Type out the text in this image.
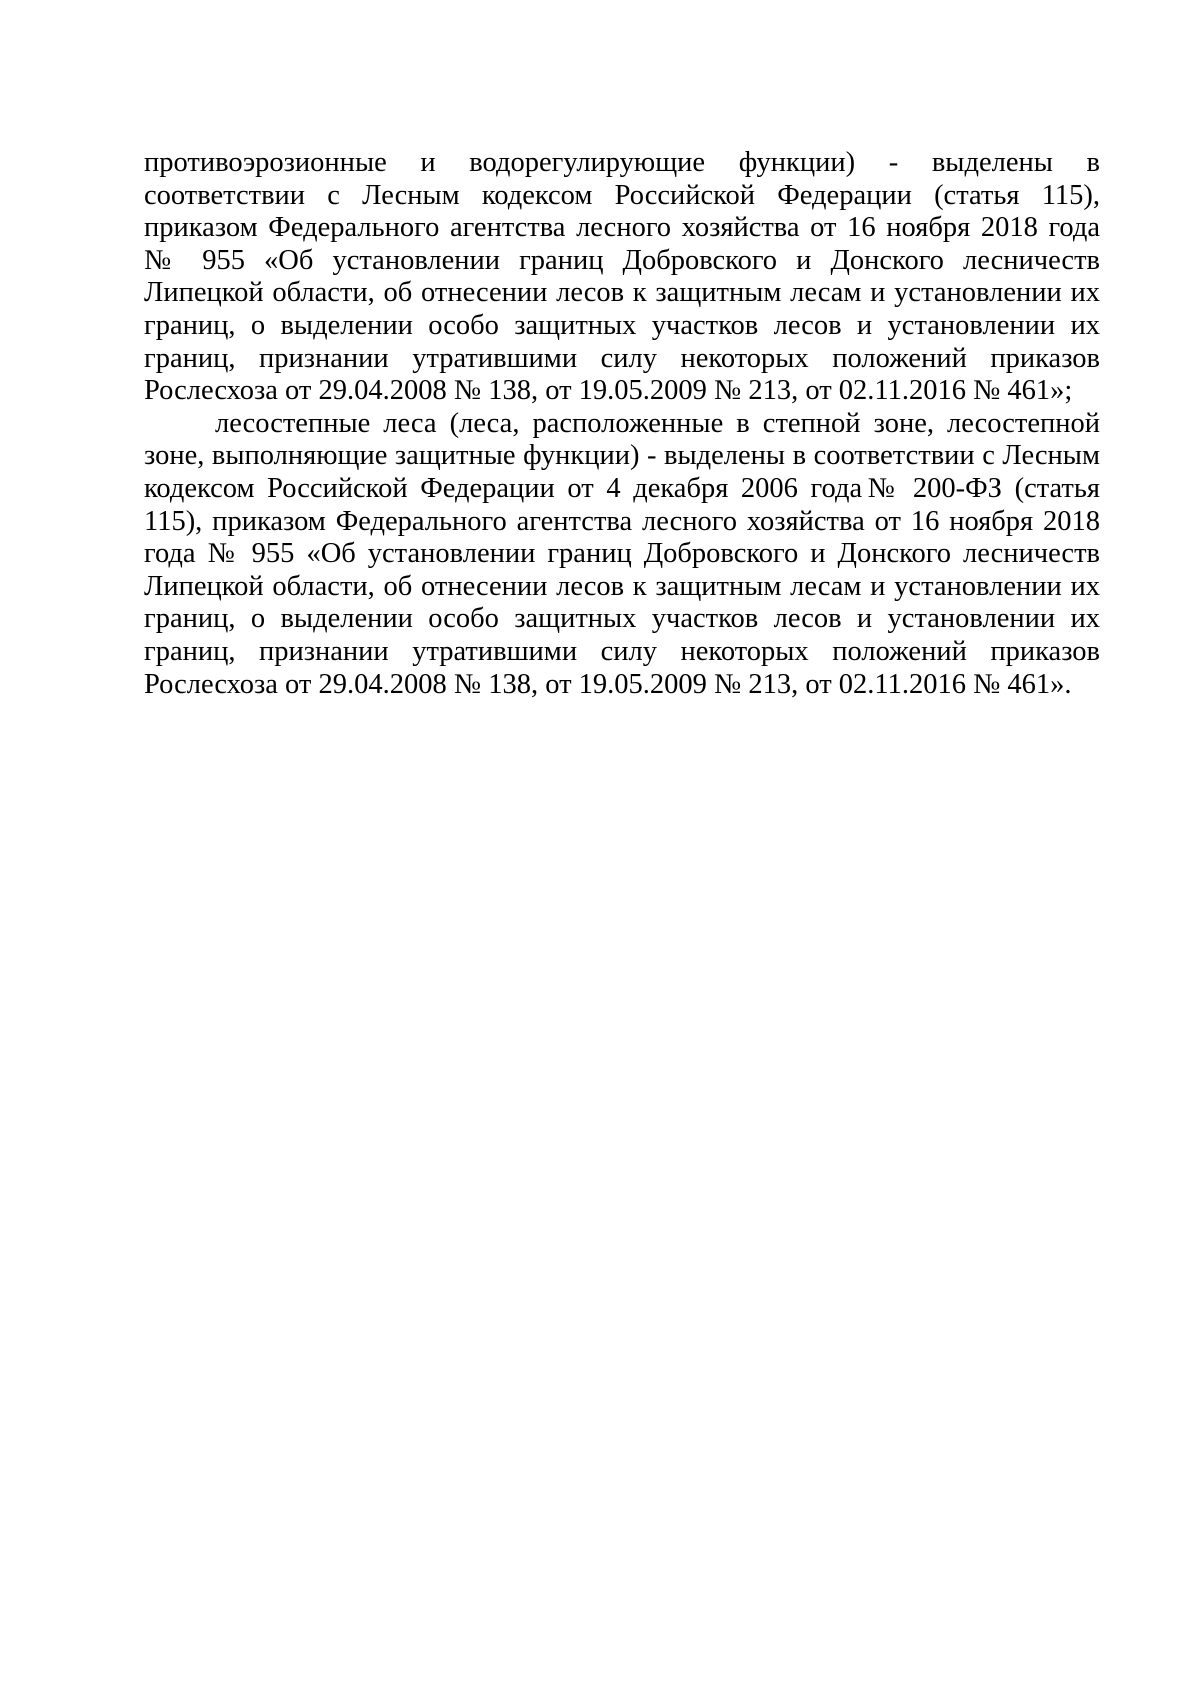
противоэрозионные и водорегулирующие функции) - выделены в соответствии с Лесным кодексом Российской Федерации (статья 115), приказом Федерального агентства лесного хозяйства от 16 ноября 2018 года № 955 «Об установлении границ Добровского и Донского лесничеств Липецкой области, об отнесении лесов к защитным лесам и установлении их границ, о выделении особо защитных участков лесов и установлении их границ, признании утратившими силу некоторых положений приказов Рослесхоза от 29.04.2008 № 138, от 19.05.2009 № 213, от 02.11.2016 № 461»;

лесостепные леса (леса, расположенные в степной зоне, лесостепной зоне, выполняющие защитные функции) - выделены в соответствии с Лесным кодексом Российской Федерации от 4 декабря 2006 года№ 200-ФЗ (статья 115), приказом Федерального агентства лесного хозяйства от 16 ноября 2018 года № 955 «Об установлении границ Добровского и Донского лесничеств Липецкой области, об отнесении лесов к защитным лесам и установлении их границ, о выделении особо защитных участков лесов и установлении их границ, признании утратившими силу некоторых положений приказов Рослесхоза от 29.04.2008 № 138, от 19.05.2009 № 213, от 02.11.2016 № 461».
